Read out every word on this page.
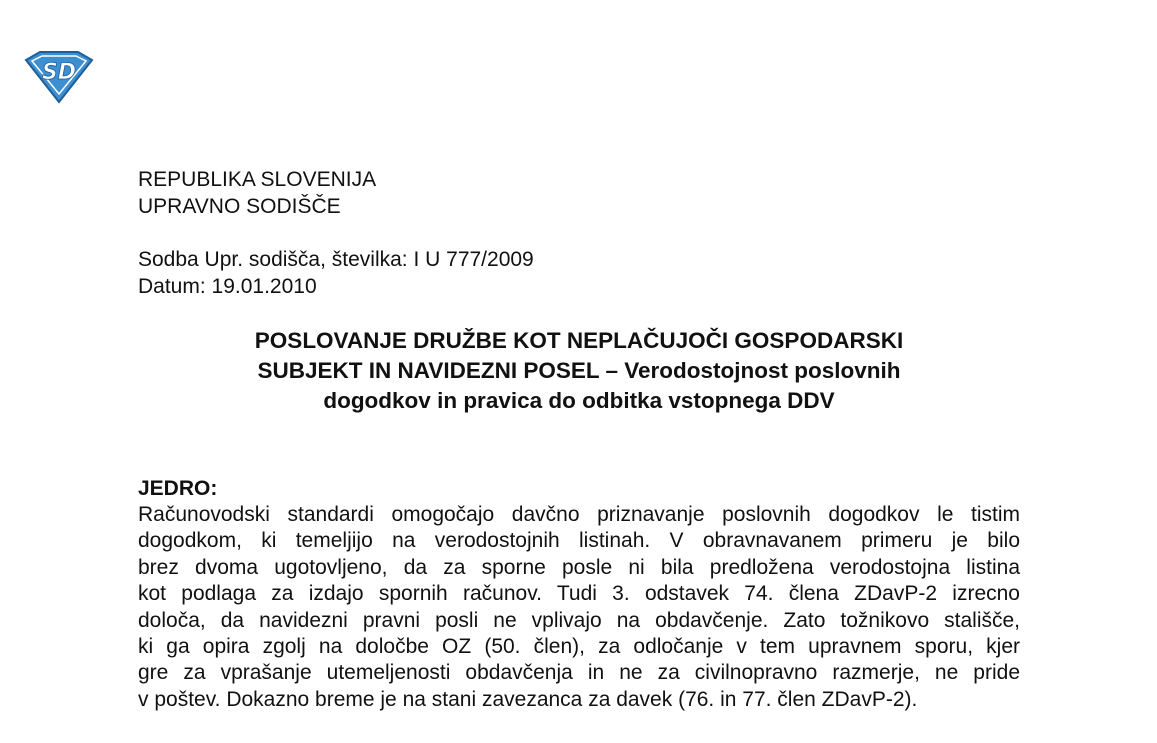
SD
REPUBLIKA SLOVENIJA
UPRAVNO SODIŠČE
Sodba Upr. sodišča, številka: I U 777/2009
Datum: 19.01.2010
POSLOVANJE DRUŽBE KOT NEPLAČUJOČI GOSPODARSKI
SUBJEKT IN NAVIDEZNI POSEL – Verodostojnost poslovnih
dogodkov in pravica do odbitka vstopnega DDV
JEDRO:
Računovodski standardi omogočajo davčno priznavanje poslovnih dogodkov le tistim
dogodkom, ki temeljijo na verodostojnih listinah. V obravnavanem primeru je bilo
brez dvoma ugotovljeno, da za sporne posle ni bila predložena verodostojna listina
kot podlaga za izdajo spornih računov. Tudi 3. odstavek 74. člena ZDavP-2 izrecno
določa, da navidezni pravni posli ne vplivajo na obdavčenje. Zato tožnikovo stališče,
ki ga opira zgolj na določbe OZ (50. člen), za odločanje v tem upravnem sporu, kjer
gre za vprašanje utemeljenosti obdavčenja in ne za civilnopravno razmerje, ne pride
v poštev. Dokazno breme je na stani zavezanca za davek (76. in 77. člen ZDavP-2).
